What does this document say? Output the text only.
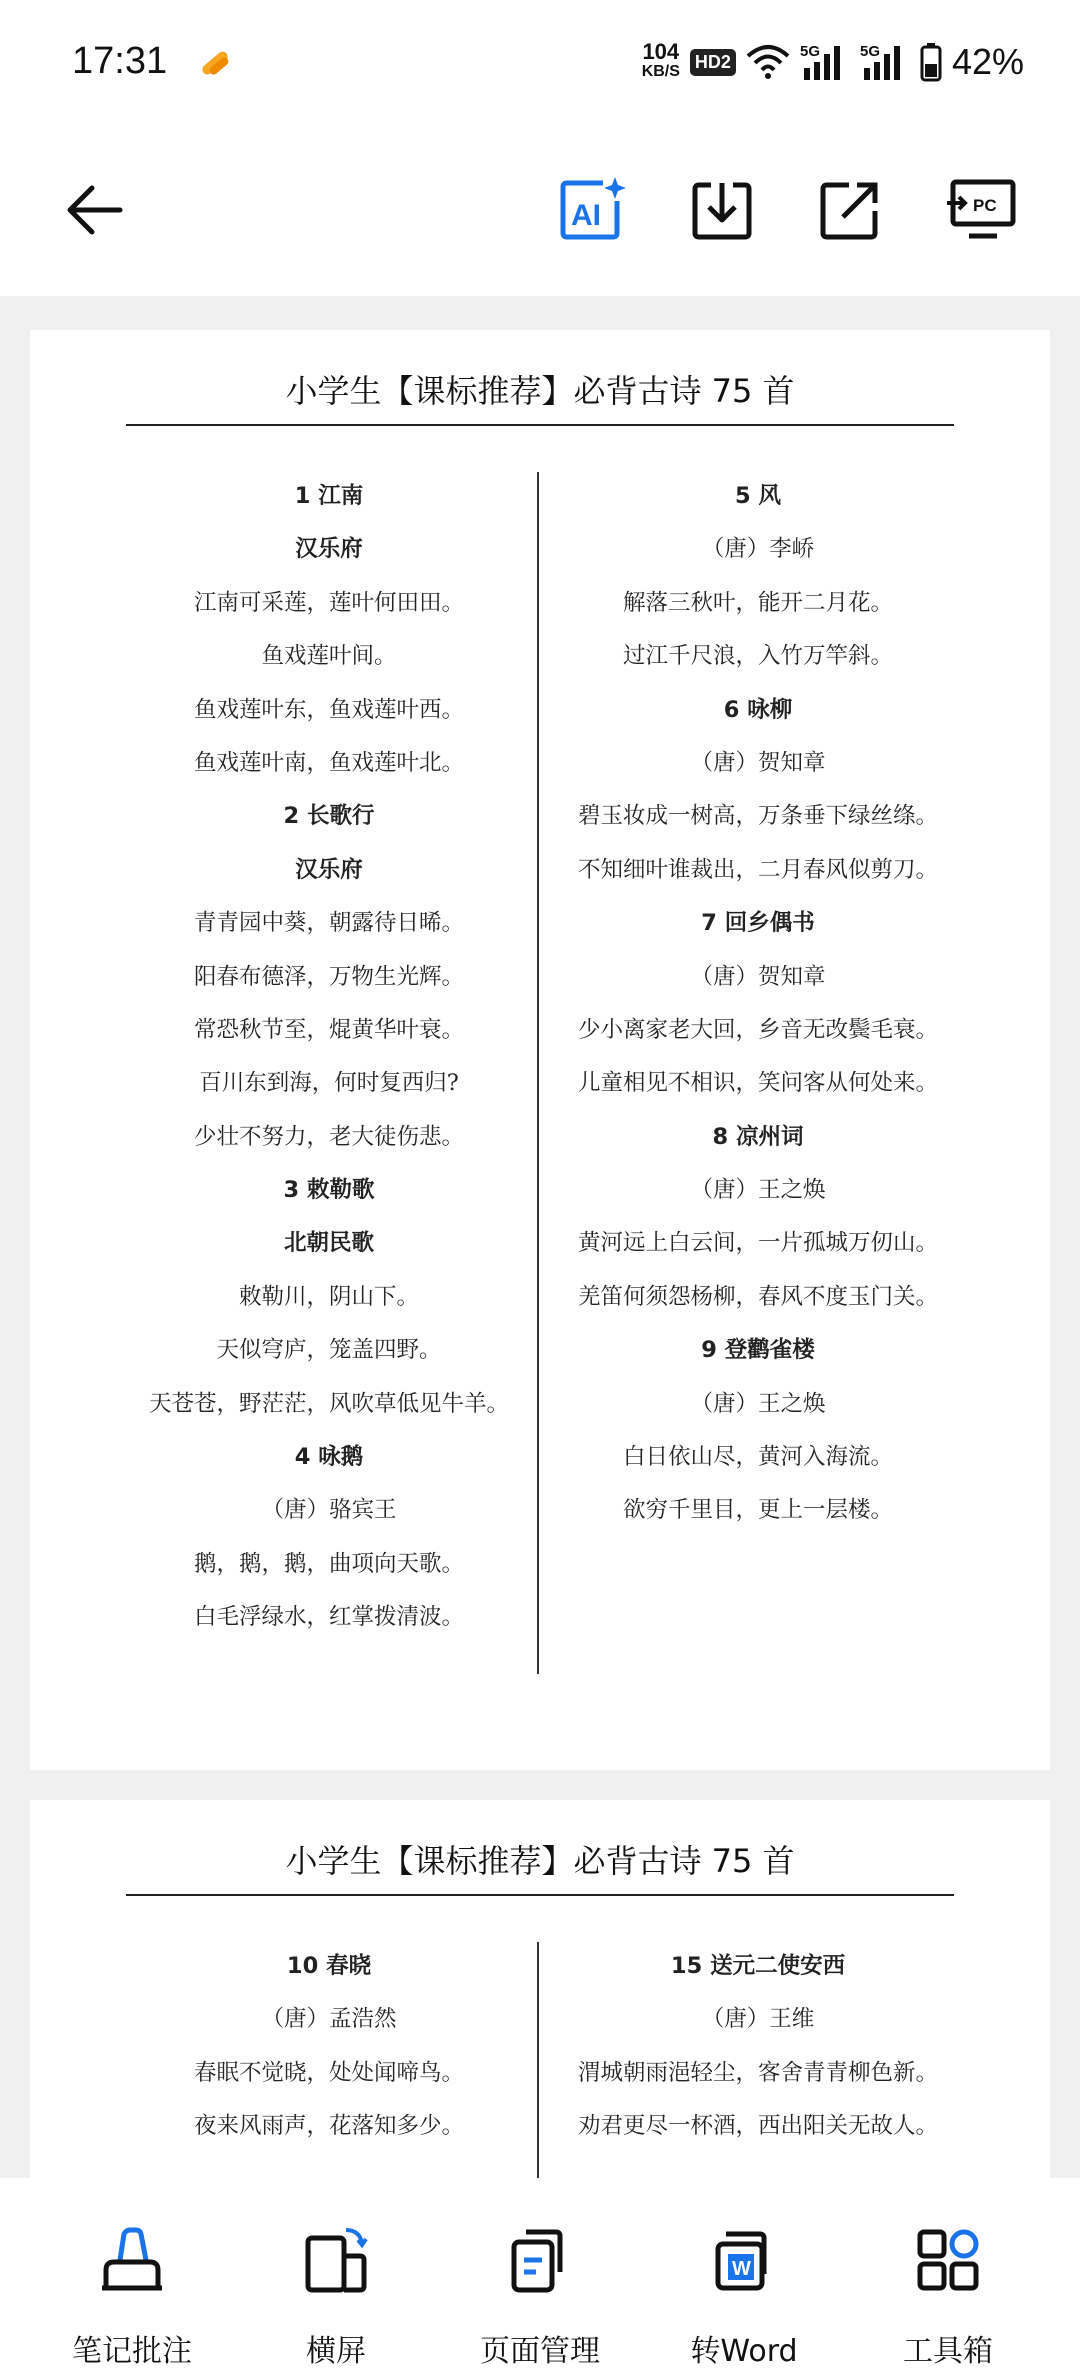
17:31	104
KB/S HD2	5G	5G 42%
AI	PC
小学生【课标推荐】必背古诗 75 首
1 江南
汉乐府
江南可采莲，莲叶何田田。
鱼戏莲叶间。
鱼戏莲叶东，鱼戏莲叶西。
鱼戏莲叶南，鱼戏莲叶北。
2 长歌行
汉乐府
青青园中葵，朝露待日晞。
阳春布德泽，万物生光辉。
常恐秋节至，焜黄华叶衰。
百川东到海，何时复西归?
少壮不努力，老大徒伤悲。
3 敕勒歌
北朝民歌
敕勒川，阴山下。
天似穹庐，笼盖四野。
天苍苍，野茫茫，风吹草低见牛羊。
4 咏鹅
（唐）骆宾王
鹅，鹅，鹅，曲项向天歌。
白毛浮绿水，红掌拨清波。
5 风
（唐）李峤
解落三秋叶，能开二月花。
过江千尺浪，入竹万竿斜。
6 咏柳
（唐）贺知章
碧玉妆成一树高，万条垂下绿丝绦。
不知细叶谁裁出，二月春风似剪刀。
7 回乡偶书
（唐）贺知章
少小离家老大回，乡音无改鬓毛衰。
儿童相见不相识，笑问客从何处来。
8 凉州词
（唐）王之焕
黄河远上白云间，一片孤城万仞山。
羌笛何须怨杨柳，春风不度玉门关。
9 登鹳雀楼
（唐）王之焕
白日依山尽，黄河入海流。
欲穷千里目，更上一层楼。
小学生【课标推荐】必背古诗 75 首
10 春晓
（唐）孟浩然
春眠不觉晓，处处闻啼鸟。
夜来风雨声，花落知多少。
15 送元二使安西
（唐）王维
渭城朝雨浥轻尘，客舍青青柳色新。
劝君更尽一杯酒，西出阳关无故人。
笔记批注	横屏	页面管理
W
转Word	工具箱
